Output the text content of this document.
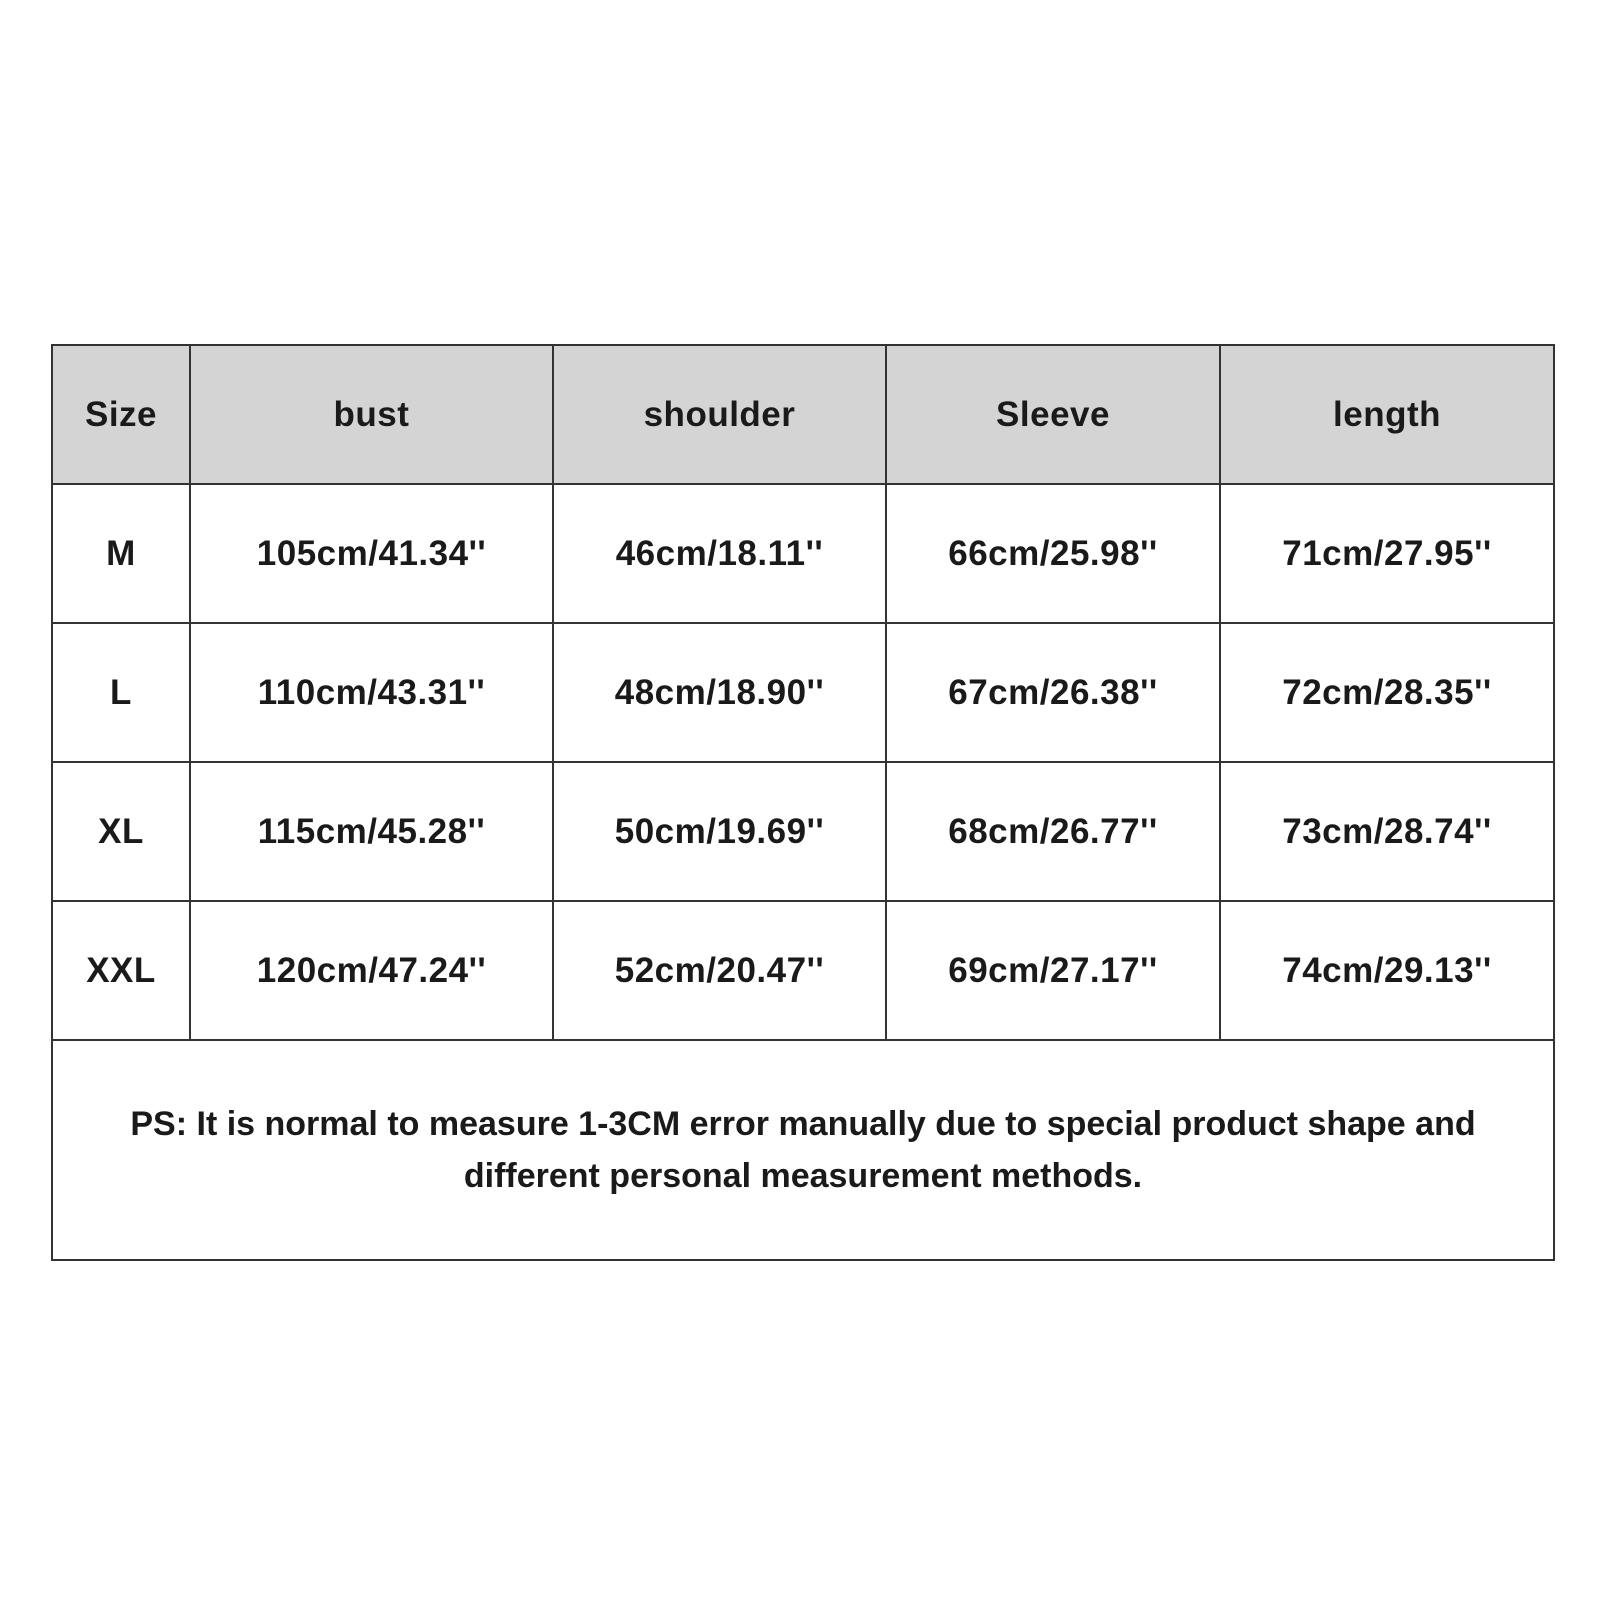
Size	bust	shoulder	Sleeve	length
M	105cm/41.34''	46cm/18.11''	66cm/25.98''	71cm/27.95''
L	110cm/43.31''	48cm/18.90''	67cm/26.38''	72cm/28.35''
XL	115cm/45.28''	50cm/19.69''	68cm/26.77''	73cm/28.74''
XXL	120cm/47.24''	52cm/20.47''	69cm/27.17''	74cm/29.13''

PS: It is normal to measure 1-3CM error manually due to special product shape and
different personal measurement methods.				
